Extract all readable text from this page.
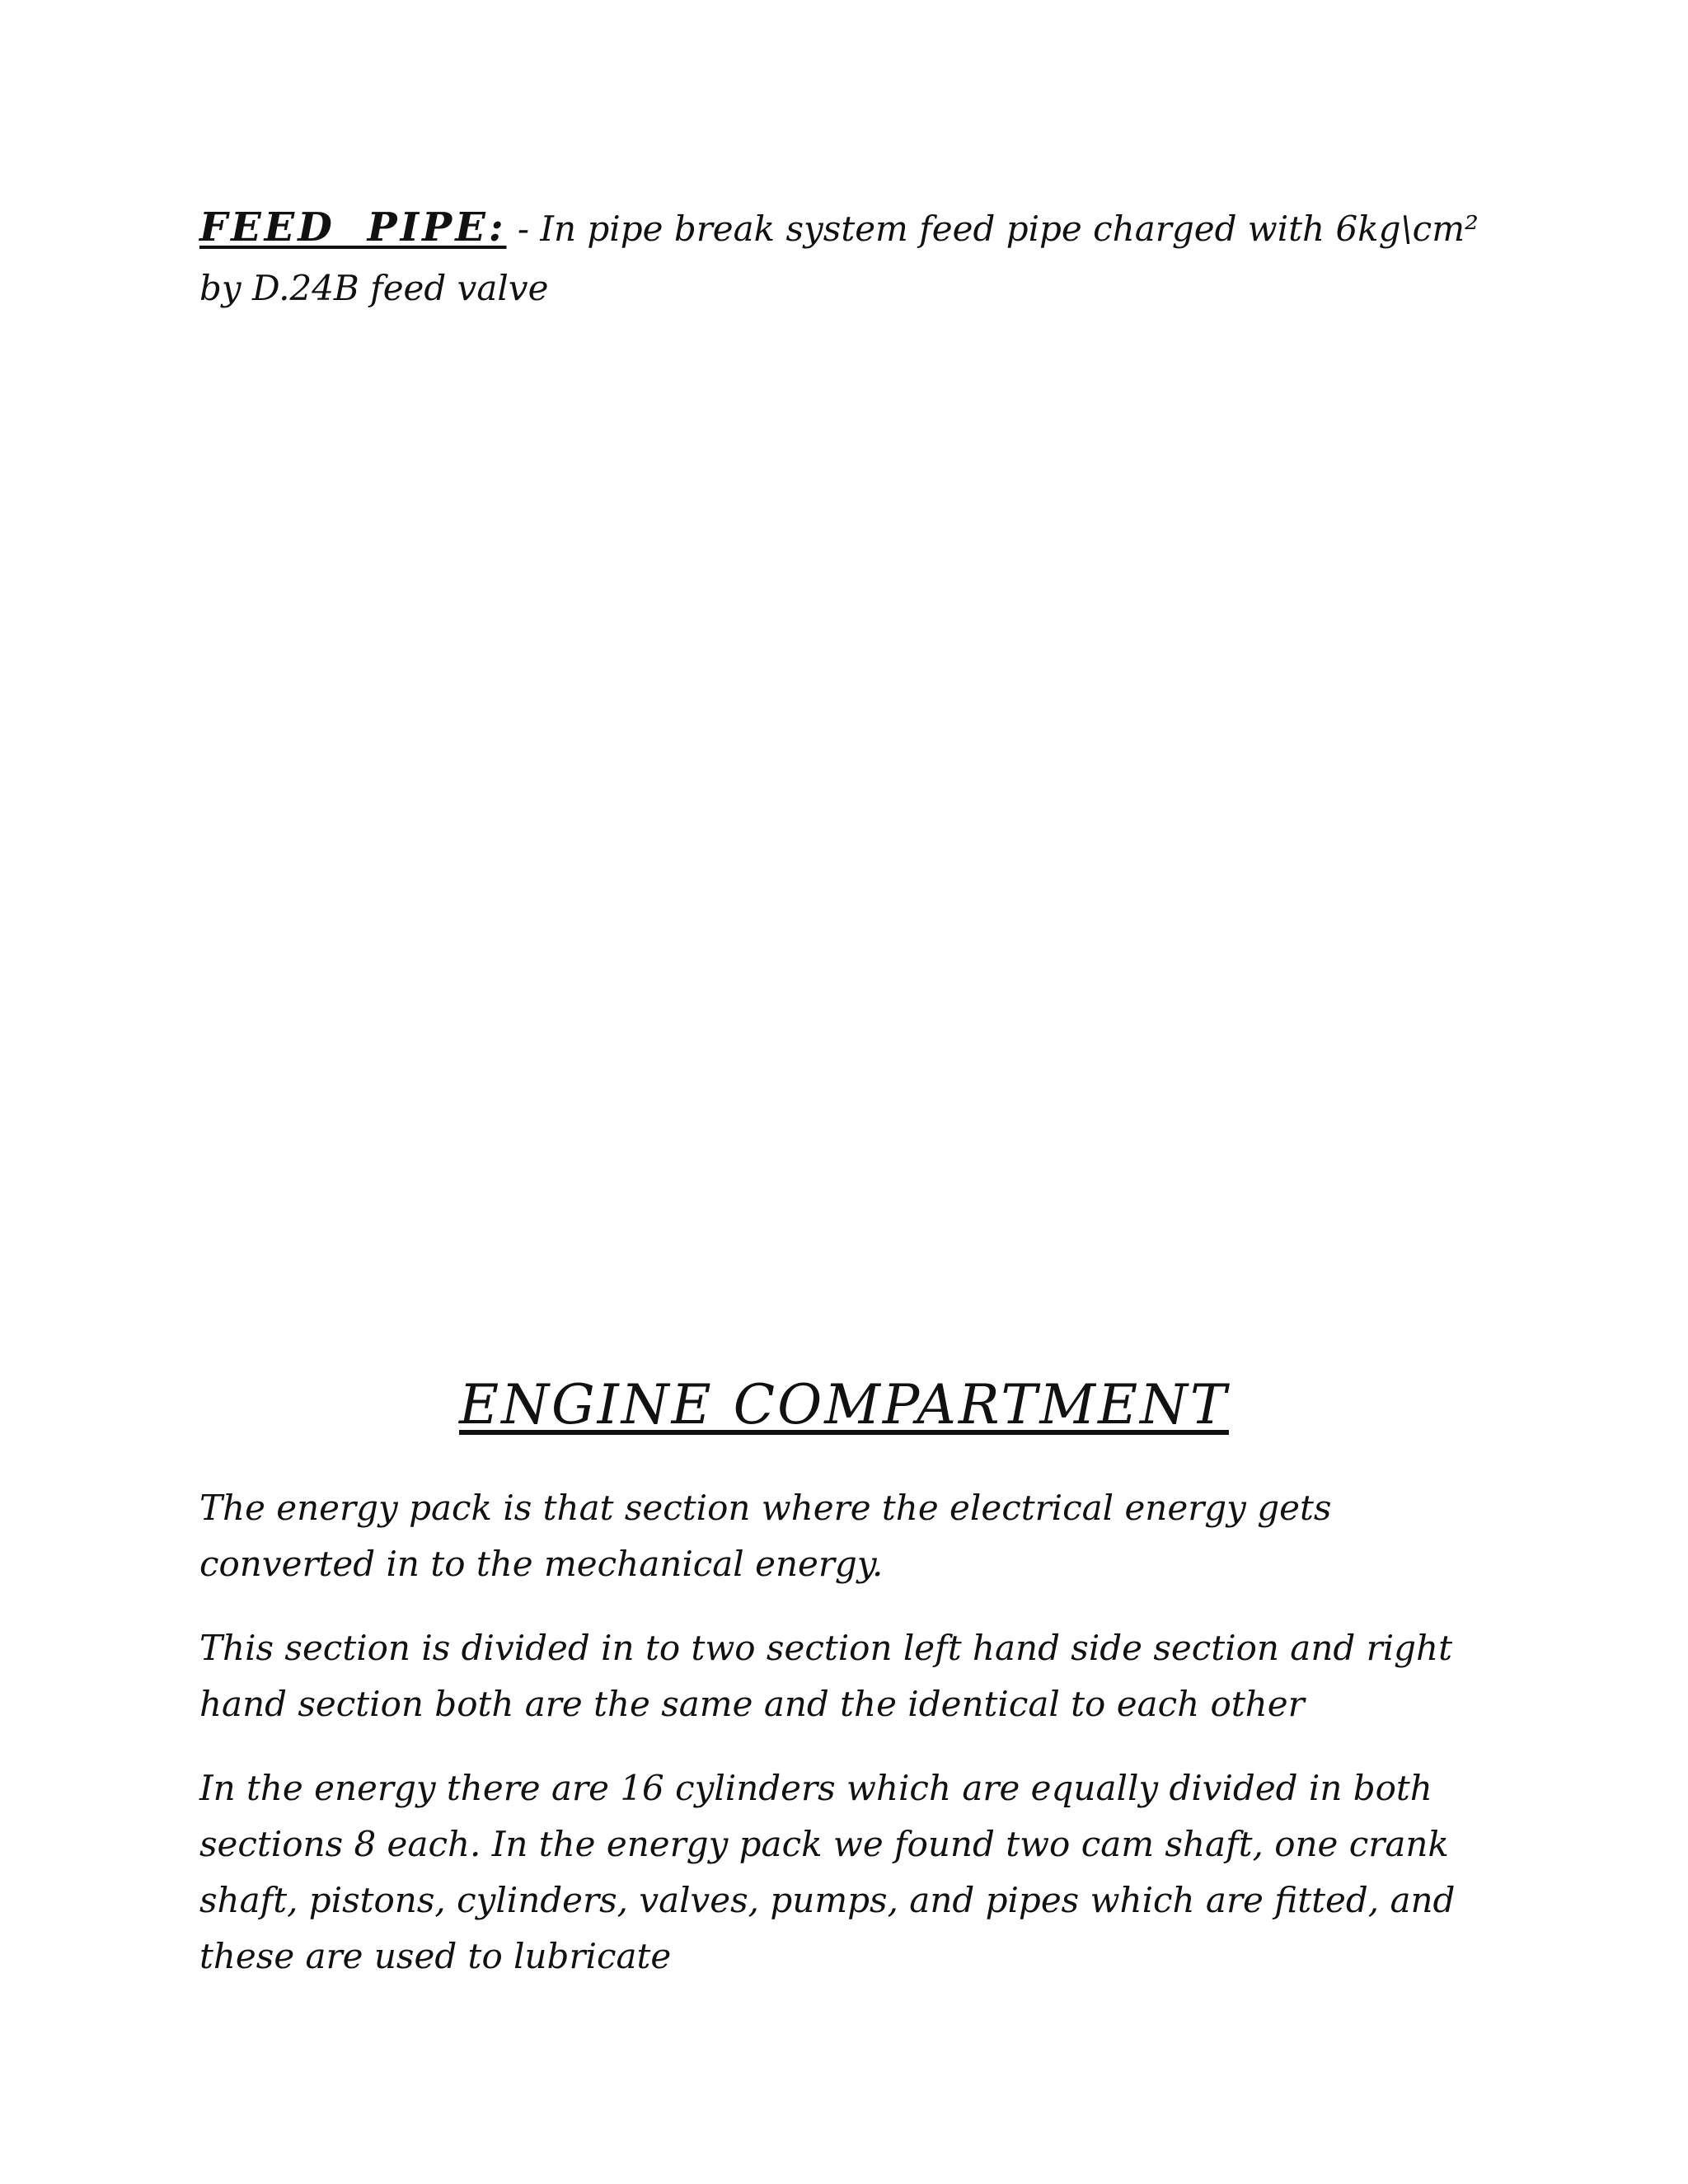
FEED PIPE: - In pipe break system feed pipe charged with 6kg\cm² by D.24B feed valve
ENGINE COMPARTMENT

The energy pack is that section where the electrical energy gets converted in to the mechanical energy.

This section is divided in to two section left hand side section and right hand section both are the same and the identical to each other

In the energy there are 16 cylinders which are equally divided in both sections 8 each. In the energy pack we found two cam shaft, one crank shaft, pistons, cylinders, valves, pumps, and pipes which are fitted, and these are used to lubricate
